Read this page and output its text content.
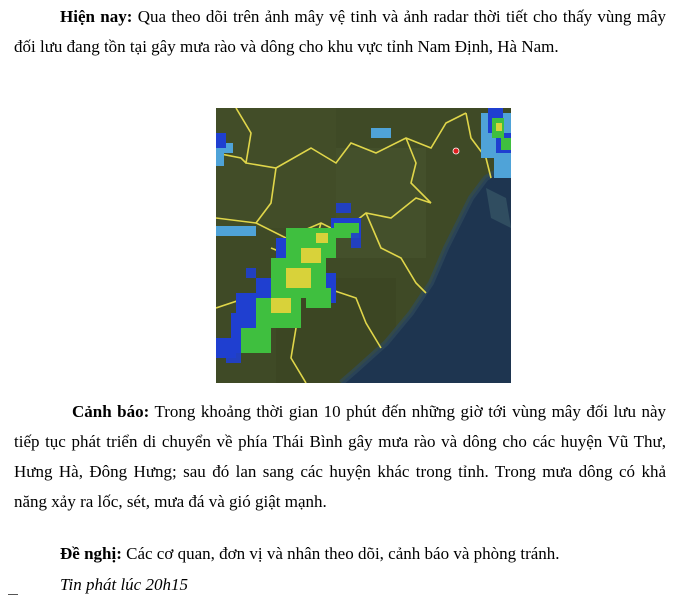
Hiện nay: Qua theo dõi trên ảnh mây vệ tinh và ảnh radar thời tiết cho thấy vùng mây đối lưu đang tồn tại gây mưa rào và dông cho khu vực tỉnh Nam Định, Hà Nam.

Cảnh báo: Trong khoảng thời gian 10 phút đến những giờ tới vùng mây đối lưu này tiếp tục phát triển di chuyển về phía Thái Bình gây mưa rào và dông cho các huyện Vũ Thư, Hưng Hà, Đông Hưng; sau đó lan sang các huyện khác trong tỉnh. Trong mưa dông có khả năng xảy ra lốc, sét, mưa đá và gió giật mạnh.

Đề nghị: Các cơ quan, đơn vị và nhân theo dõi, cảnh báo và phòng tránh.

Tin phát lúc 20h15
